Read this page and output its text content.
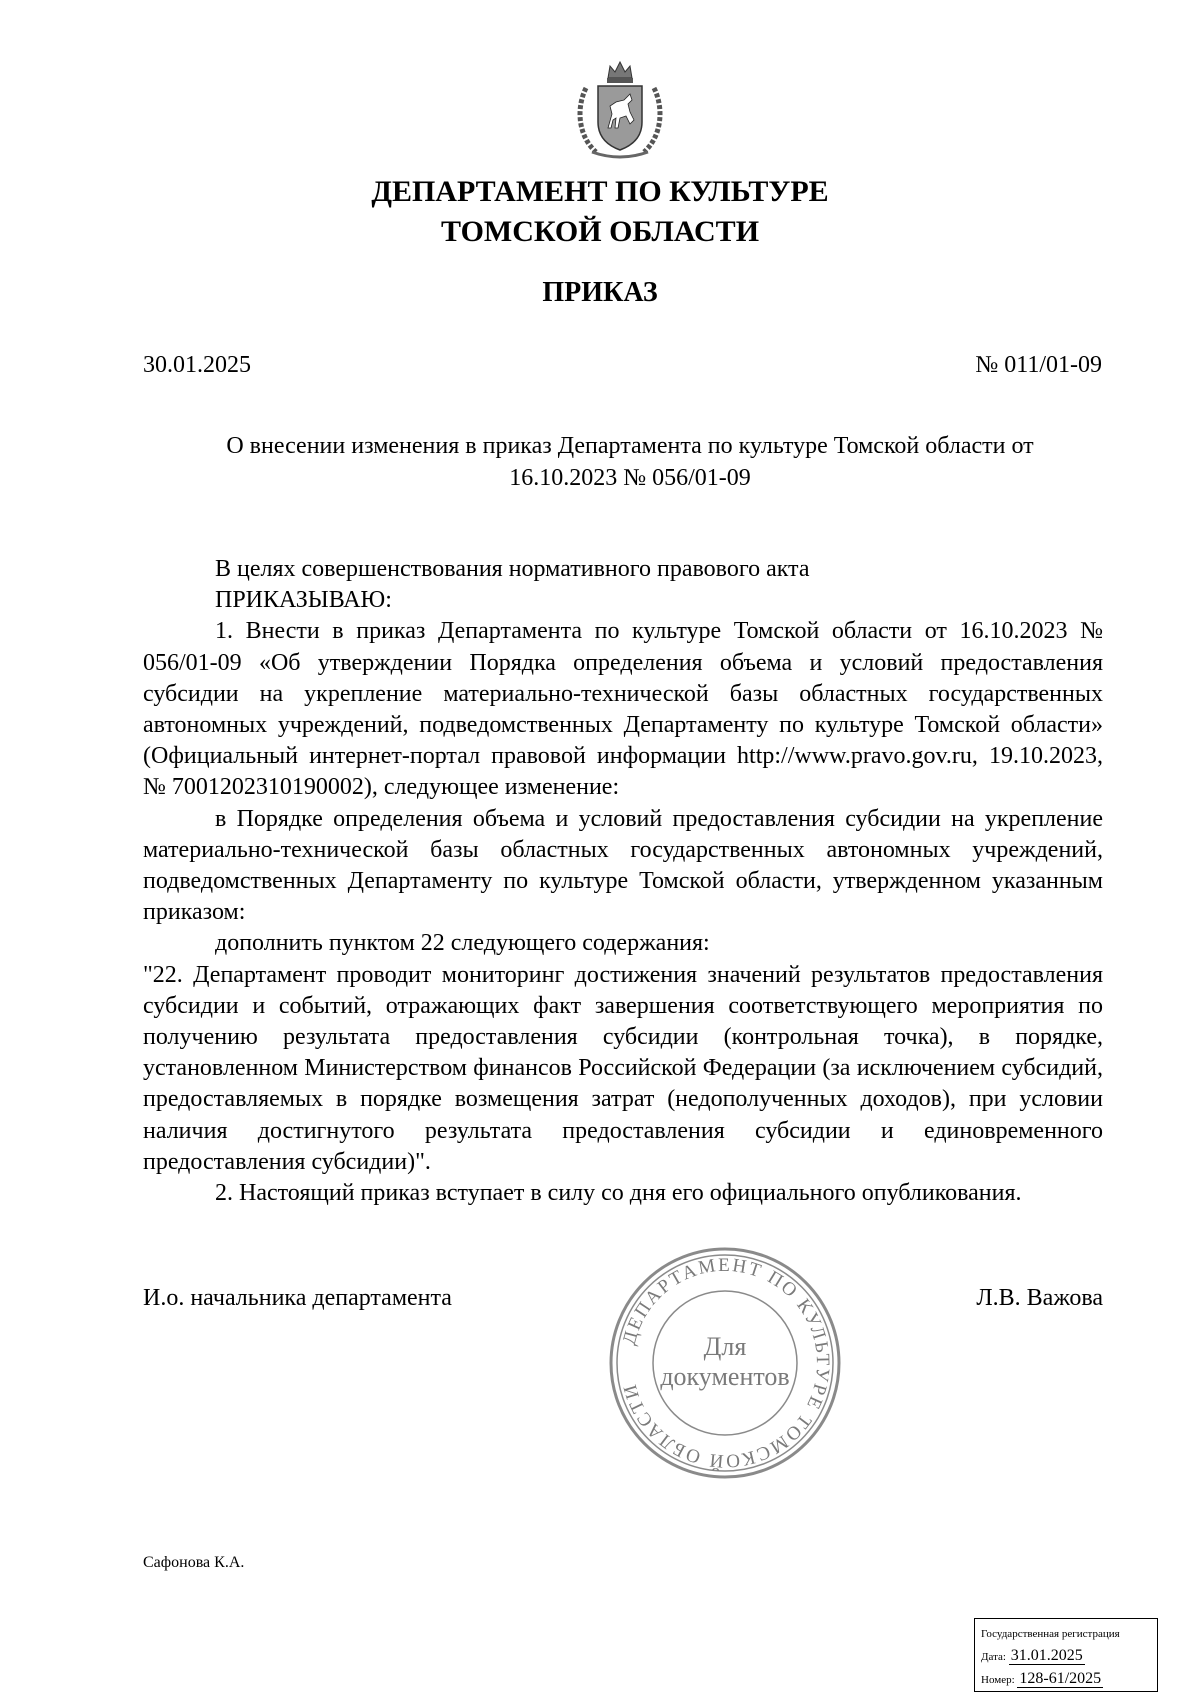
ДЕПАРТАМЕНТ ПО КУЛЬТУРЕ
ТОМСКОЙ ОБЛАСТИ
ПРИКАЗ
30.01.2025	№ 011/01-09
О внесении изменения в приказ Департамента по культуре Томской области от
16.10.2023 № 056/01-09

В целях совершенствования нормативного правового акта

ПРИКАЗЫВАЮ:

1. Внести в приказ Департамента по культуре Томской области от 16.10.2023 № 056/01-09 «Об утверждении Порядка определения объема и условий предоставления субсидии на укрепление материально-технической базы областных государственных автономных учреждений, подведомственных Департаменту по культуре Томской области» (Официальный интернет-портал правовой информации http://www.pravo.gov.ru, 19.10.2023, № 7001202310190002), следующее изменение:

в Порядке определения объема и условий предоставления субсидии на укрепление материально-технической базы областных государственных автономных учреждений, подведомственных Департаменту по культуре Томской области, утвержденном указанным приказом:

дополнить пунктом 22 следующего содержания:

"22. Департамент проводит мониторинг достижения значений результатов предоставления субсидии и событий, отражающих факт завершения соответствующего мероприятия по получению результата предоставления субсидии (контрольная точка), в порядке, установленном Министерством финансов Российской Федерации (за исключением субсидий, предоставляемых в порядке возмещения затрат (недополученных доходов), при условии наличия достигнутого результата предоставления субсидии и единовременного предоставления субсидии)".

2. Настоящий приказ вступает в силу со дня его официального опубликования.

И.о. начальника департамента	Л.В. Важова
ДЕПАРТАМЕНТ ПО КУЛЬТУРЕ ТОМСКОЙ ОБЛАСТИ
Для
документов
Сафонова К.А.
Государственная регистрация
Дата: 31.01.2025
Номер: 128-61/2025
